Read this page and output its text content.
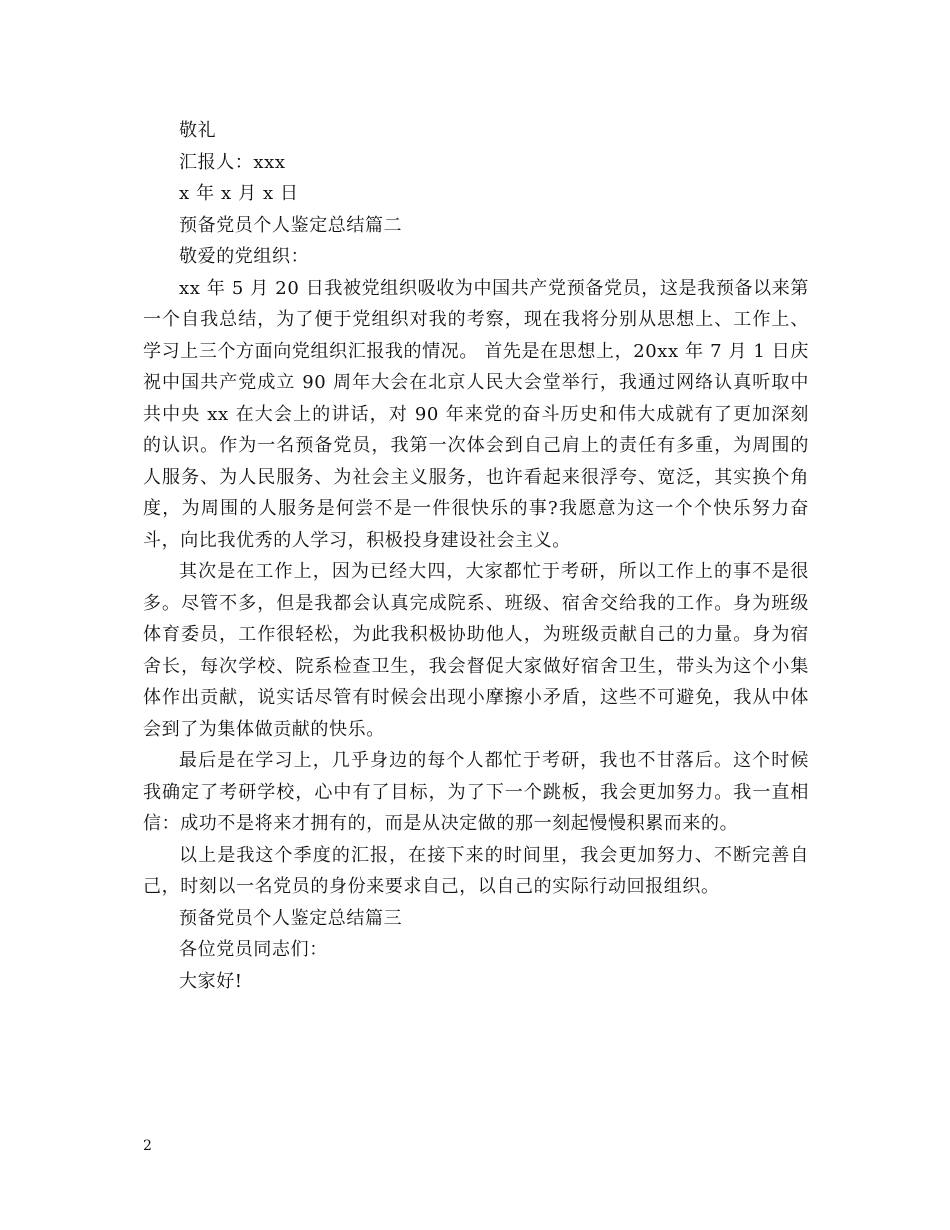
敬礼

汇报人：xxx

x 年 x 月 x 日

预备党员个人鉴定总结篇二

敬爱的党组织：

xx 年 5 月 20 日我被党组织吸收为中国共产党预备党员，这是我预备以来第一个自我总结，为了便于党组织对我的考察，现在我将分别从思想上、工作上、学习上三个方面向党组织汇报我的情况。 首先是在思想上，20xx 年 7 月 1 日庆祝中国共产党成立 90 周年大会在北京人民大会堂举行，我通过网络认真听取中共中央 xx 在大会上的讲话，对 90 年来党的奋斗历史和伟大成就有了更加深刻的认识。作为一名预备党员，我第一次体会到自己肩上的责任有多重，为周围的人服务、为人民服务、为社会主义服务，也许看起来很浮夸、宽泛，其实换个角度，为周围的人服务是何尝不是一件很快乐的事?我愿意为这一个个快乐努力奋斗，向比我优秀的人学习，积极投身建设社会主义。

其次是在工作上，因为已经大四，大家都忙于考研，所以工作上的事不是很多。尽管不多，但是我都会认真完成院系、班级、宿舍交给我的工作。身为班级体育委员，工作很轻松，为此我积极协助他人，为班级贡献自己的力量。身为宿舍长，每次学校、院系检查卫生，我会督促大家做好宿舍卫生，带头为这个小集体作出贡献，说实话尽管有时候会出现小摩擦小矛盾，这些不可避免，我从中体会到了为集体做贡献的快乐。

最后是在学习上，几乎身边的每个人都忙于考研，我也不甘落后。这个时候我确定了考研学校，心中有了目标，为了下一个跳板，我会更加努力。我一直相信：成功不是将来才拥有的，而是从决定做的那一刻起慢慢积累而来的。

以上是我这个季度的汇报，在接下来的时间里，我会更加努力、不断完善自己，时刻以一名党员的身份来要求自己，以自己的实际行动回报组织。

预备党员个人鉴定总结篇三

各位党员同志们：

大家好!

2
